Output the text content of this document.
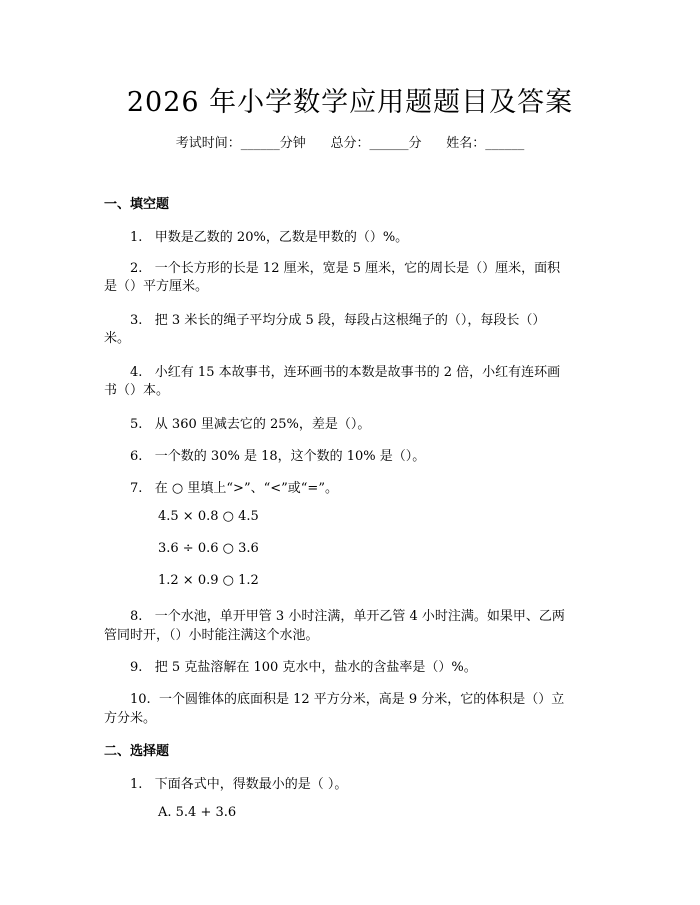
2026 年小学数学应用题题目及答案
考试时间：______分钟      总分：______分      姓名：______
一、填空题
1.   甲数是乙数的 20%，乙数是甲数的（）%。
2.   一个长方形的长是 12 厘米，宽是 5 厘米，它的周长是（）厘米，面积
是（）平方厘米。
3.   把 3 米长的绳子平均分成 5 段，每段占这根绳子的（），每段长（）
米。
4.   小红有 15 本故事书，连环画书的本数是故事书的 2 倍，小红有连环画
书（）本。
5.   从 360 里减去它的 25%，差是（）。
6.   一个数的 30% 是 18，这个数的 10% 是（）。
7.   在 ○ 里填上“>”、“<”或“=”。
4.5 × 0.8 ○ 4.5
3.6 ÷ 0.6 ○ 3.6
1.2 × 0.9 ○ 1.2
8.   一个水池，单开甲管 3 小时注满，单开乙管 4 小时注满。如果甲、乙两
管同时开，（）小时能注满这个水池。
9.   把 5 克盐溶解在 100 克水中，盐水的含盐率是（）%。
10.  一个圆锥体的底面积是 12 平方分米，高是 9 分米，它的体积是（）立
方分米。
二、选择题
1.   下面各式中，得数最小的是（ ）。
A. 5.4 + 3.6
